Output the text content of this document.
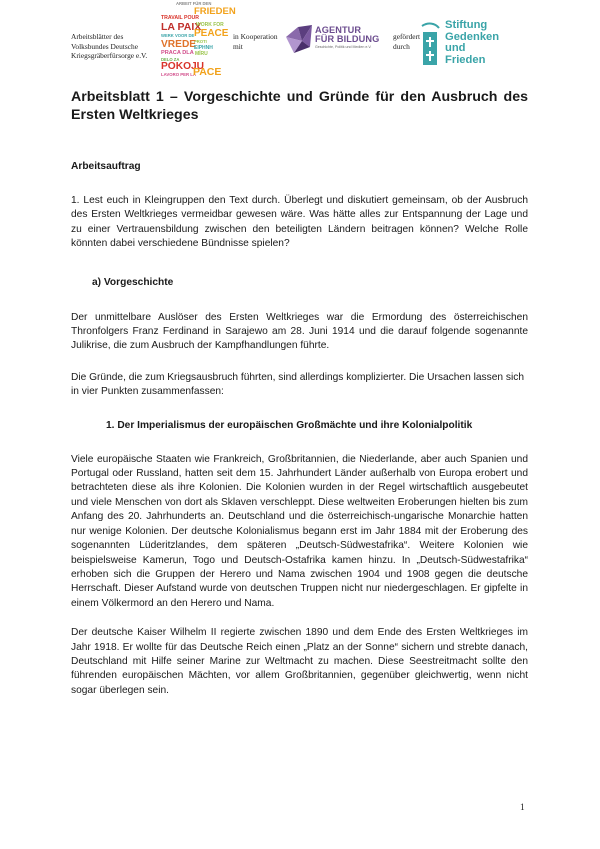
Arbeitsblätter des
Volksbundes Deutsche
Kriegsgräberfürsorge e.V.
ARBEIT FÜR DEN
FRIEDEN
TRAVAIL POUR
LA PAIX
WORK FOR
PEACE
WERK VOOR DE
PROTI
VREDE
ΕΙΡΗΝΗ
PRACA DLA MÍRU
DELO ZA
POKOJU
LAVORO PER LA
PACE
in Kooperation
mit
AGENTUR
FÜR BILDUNG
Geschichte, Politik und Medien e.V.
gefördert
durch
Stiftung
Gedenken
und
Frieden
Arbeitsblatt 1 – Vorgeschichte und Gründe für den Ausbruch des Ersten Weltkrieges
Arbeitsauftrag

1. Lest euch in Kleingruppen den Text durch. Überlegt und diskutiert gemeinsam, ob der Ausbruch des Ersten Weltkrieges vermeidbar gewesen wäre. Was hätte alles zur Entspannung der Lage und zu einer Vertrauensbildung zwischen den beteiligten Ländern beitragen können? Welche Rolle könnten dabei verschiedene Bündnisse spielen?

a) Vorgeschichte

Der unmittelbare Auslöser des Ersten Weltkrieges war die Ermordung des österreichischen Thronfolgers Franz Ferdinand in Sarajewo am 28. Juni 1914 und die darauf folgende sogenannte Julikrise, die zum Ausbruch der Kampfhandlungen führte.

Die Gründe, die zum Kriegsausbruch führten, sind allerdings komplizierter. Die Ursachen lassen sich in vier Punkten zusammenfassen:

1. Der Imperialismus der europäischen Großmächte und ihre Kolonialpolitik

Viele europäische Staaten wie Frankreich, Großbritannien, die Niederlande, aber auch Spanien und Portugal oder Russland, hatten seit dem 15. Jahrhundert Länder außerhalb von Europa erobert und betrachteten diese als ihre Kolonien. Die Kolonien wurden in der Regel wirtschaftlich ausgebeutet und viele Menschen von dort als Sklaven verschleppt. Diese weltweiten Eroberungen hielten bis zum Anfang des 20. Jahrhunderts an. Deutschland und die österreichisch-ungarische Monarchie hatten nur wenige Kolonien. Der deutsche Kolonialismus begann erst im Jahr 1884 mit der Eroberung des sogenannten Lüderitzlandes, dem späteren „Deutsch-Südwestafrika“. Weitere Kolonien wie beispielsweise Kamerun, Togo und Deutsch-Ostafrika kamen hinzu. In „Deutsch-Südwestafrika“ erhoben sich die Gruppen der Herero und Nama zwischen 1904 und 1908 gegen die deutsche Herrschaft. Dieser Aufstand wurde von deutschen Truppen nicht nur niedergeschlagen. Er gipfelte in einem Völkermord an den Herero und Nama.

Der deutsche Kaiser Wilhelm II regierte zwischen 1890 und dem Ende des Ersten Weltkrieges im Jahr 1918. Er wollte für das Deutsche Reich einen „Platz an der Sonne“ sichern und strebte danach, Deutschland mit Hilfe seiner Marine zur Weltmacht zu machen. Diese Seestreitmacht sollte den führenden europäischen Mächten, vor allem Großbritannien, gegenüber gleichwertig, wenn nicht sogar überlegen sein.

1
